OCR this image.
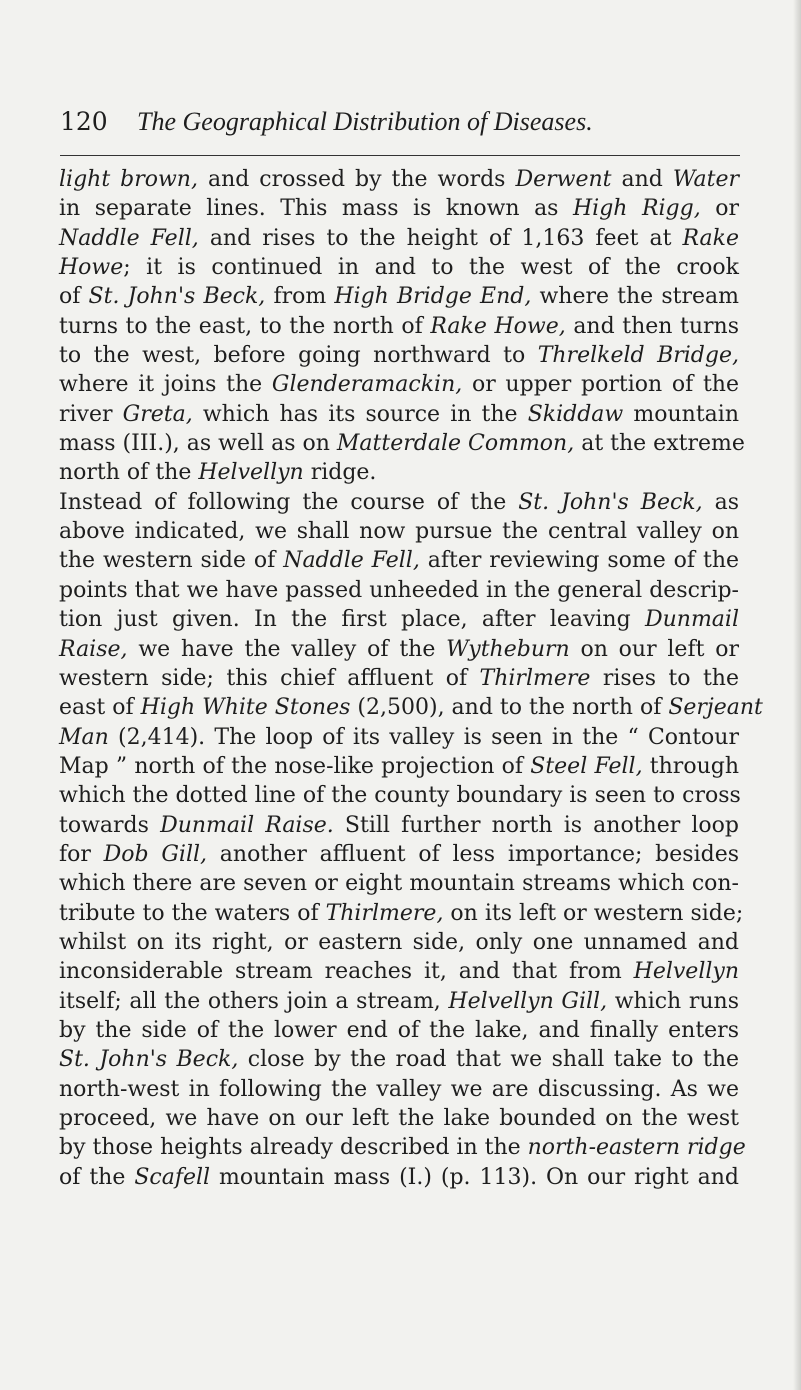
120 The Geographical Distribution of Diseases.
light brown, and crossed by the words Derwent and Water
in separate lines. This mass is known as High Rigg, or
Naddle Fell, and rises to the height of 1,163 feet at Rake
Howe; it is continued in and to the west of the crook
of St. John's Beck, from High Bridge End, where the stream
turns to the east, to the north of Rake Howe, and then turns
to the west, before going northward to Threlkeld Bridge,
where it joins the Glenderamackin, or upper portion of the
river Greta, which has its source in the Skiddaw mountain
mass (III.), as well as on Matterdale Common, at the extreme
north of the Helvellyn ridge.
Instead of following the course of the St. John's Beck, as
above indicated, we shall now pursue the central valley on
the western side of Naddle Fell, after reviewing some of the
points that we have passed unheeded in the general descrip-
tion just given. In the first place, after leaving Dunmail
Raise, we have the valley of the Wytheburn on our left or
western side; this chief affluent of Thirlmere rises to the
east of High White Stones (2,500), and to the north of Serjeant
Man (2,414). The loop of its valley is seen in the “ Contour
Map ” north of the nose-like projection of Steel Fell, through
which the dotted line of the county boundary is seen to cross
towards Dunmail Raise. Still further north is another loop
for Dob Gill, another affluent of less importance; besides
which there are seven or eight mountain streams which con-
tribute to the waters of Thirlmere, on its left or western side;
whilst on its right, or eastern side, only one unnamed and
inconsiderable stream reaches it, and that from Helvellyn
itself; all the others join a stream, Helvellyn Gill, which runs
by the side of the lower end of the lake, and finally enters
St. John's Beck, close by the road that we shall take to the
north-west in following the valley we are discussing. As we
proceed, we have on our left the lake bounded on the west
by those heights already described in the north-eastern ridge
of the Scafell mountain mass (I.) (p. 113). On our right and
